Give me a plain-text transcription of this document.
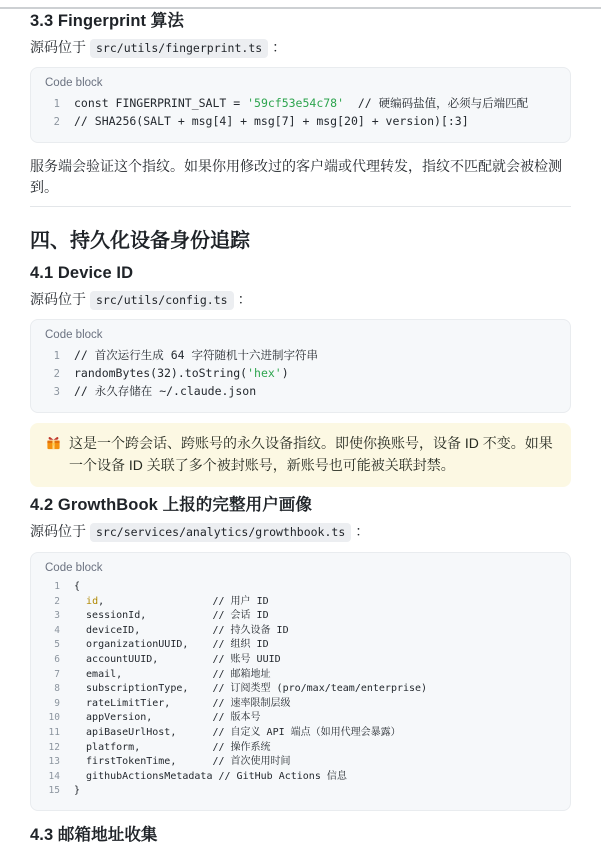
3.3 Fingerprint 算法

源码位于 src/utils/fingerprint.ts ：

Code block
1 const FINGERPRINT_SALT = '59cf53e54c78'  // 硬编码盐值，必须与后端匹配
2 // SHA256(SALT + msg[4] + msg[7] + msg[20] + version)[:3]

服务端会验证这个指纹。如果你用修改过的客户端或代理转发，指纹不匹配就会被检测到。

四、持久化设备身份追踪
4.1 Device ID

源码位于 src/utils/config.ts ：

Code block
1 // 首次运行生成 64 字符随机十六进制字符串
2 randomBytes(32).toString('hex')
3 // 永久存储在 ~/.claude.json
这是一个跨会话、跨账号的永久设备指纹。即使你换账号，设备 ID 不变。如果一个设备 ID 关联了多个被封账号，新账号也可能被关联封禁。
4.2 GrowthBook 上报的完整用户画像

源码位于 src/services/analytics/growthbook.ts ：

Code block
1 {
2	id,                  // 用户 ID
3 sessionId,           // 会话 ID
4 deviceID,            // 持久设备 ID
5 organizationUUID,    // 组织 ID
6 accountUUID,         // 账号 UUID
7 email,               // 邮箱地址
8 subscriptionType,    // 订阅类型 (pro/max/team/enterprise)
9 rateLimitTier,       // 速率限制层级
10 appVersion,          // 版本号
11 apiBaseUrlHost,      // 自定义 API 端点（如用代理会暴露）
12 platform,            // 操作系统
13 firstTokenTime,      // 首次使用时间
14 githubActionsMetadata // GitHub Actions 信息
15 }
4.3 邮箱地址收集
